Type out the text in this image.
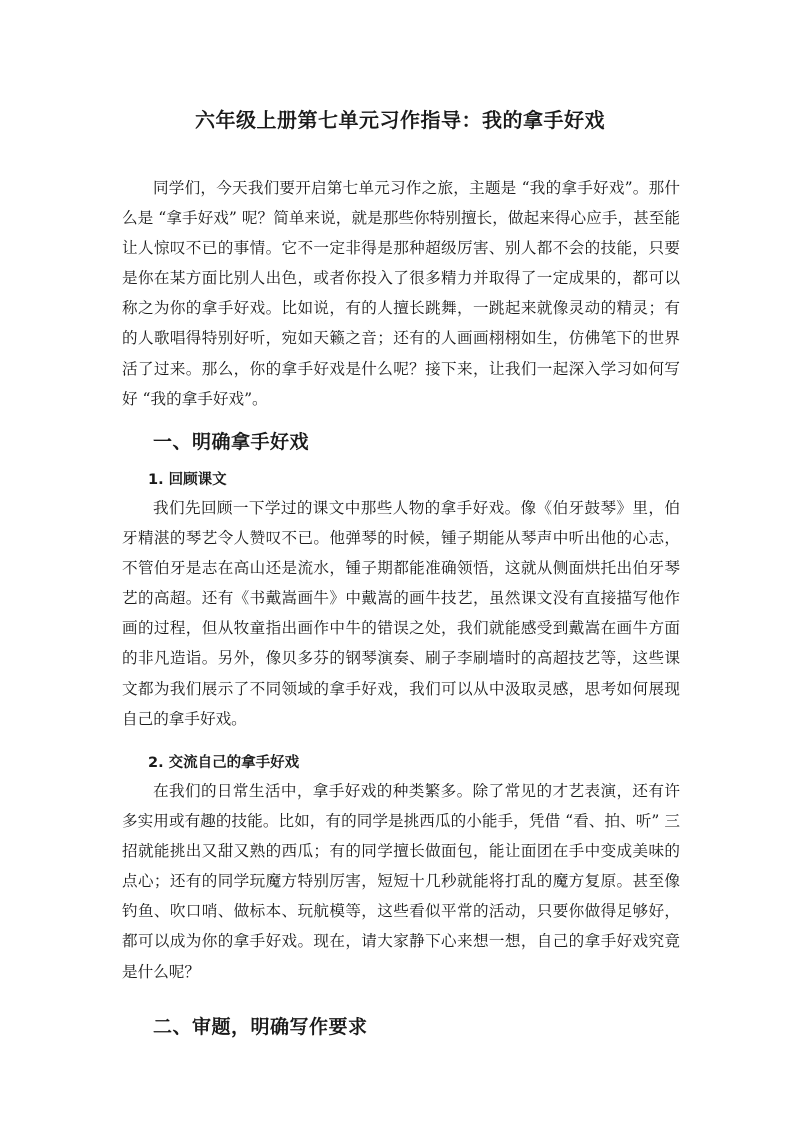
六年级上册第七单元习作指导：我的拿手好戏

同学们，今天我们要开启第七单元习作之旅，主题是 “我的拿手好戏”。那什么是 “拿手好戏” 呢？简单来说，就是那些你特别擅长，做起来得心应手，甚至能让人惊叹不已的事情。它不一定非得是那种超级厉害、别人都不会的技能，只要是你在某方面比别人出色，或者你投入了很多精力并取得了一定成果的，都可以称之为你的拿手好戏。比如说，有的人擅长跳舞，一跳起来就像灵动的精灵；有的人歌唱得特别好听，宛如天籁之音；还有的人画画栩栩如生，仿佛笔下的世界活了过来。那么，你的拿手好戏是什么呢？接下来，让我们一起深入学习如何写好 “我的拿手好戏”。

一、明确拿手好戏
1. 回顾课文

我们先回顾一下学过的课文中那些人物的拿手好戏。像《伯牙鼓琴》里，伯牙精湛的琴艺令人赞叹不已。他弹琴的时候，锺子期能从琴声中听出他的心志，不管伯牙是志在高山还是流水，锺子期都能准确领悟，这就从侧面烘托出伯牙琴艺的高超。还有《书戴嵩画牛》中戴嵩的画牛技艺，虽然课文没有直接描写他作画的过程，但从牧童指出画作中牛的错误之处，我们就能感受到戴嵩在画牛方面的非凡造诣。另外，像贝多芬的钢琴演奏、刷子李刷墙时的高超技艺等，这些课文都为我们展示了不同领域的拿手好戏，我们可以从中汲取灵感，思考如何展现自己的拿手好戏。

2. 交流自己的拿手好戏

在我们的日常生活中，拿手好戏的种类繁多。除了常见的才艺表演，还有许多实用或有趣的技能。比如，有的同学是挑西瓜的小能手，凭借 “看、拍、听” 三招就能挑出又甜又熟的西瓜；有的同学擅长做面包，能让面团在手中变成美味的点心；还有的同学玩魔方特别厉害，短短十几秒就能将打乱的魔方复原。甚至像钓鱼、吹口哨、做标本、玩航模等，这些看似平常的活动，只要你做得足够好，都可以成为你的拿手好戏。现在，请大家静下心来想一想，自己的拿手好戏究竟是什么呢？

二、审题，明确写作要求
